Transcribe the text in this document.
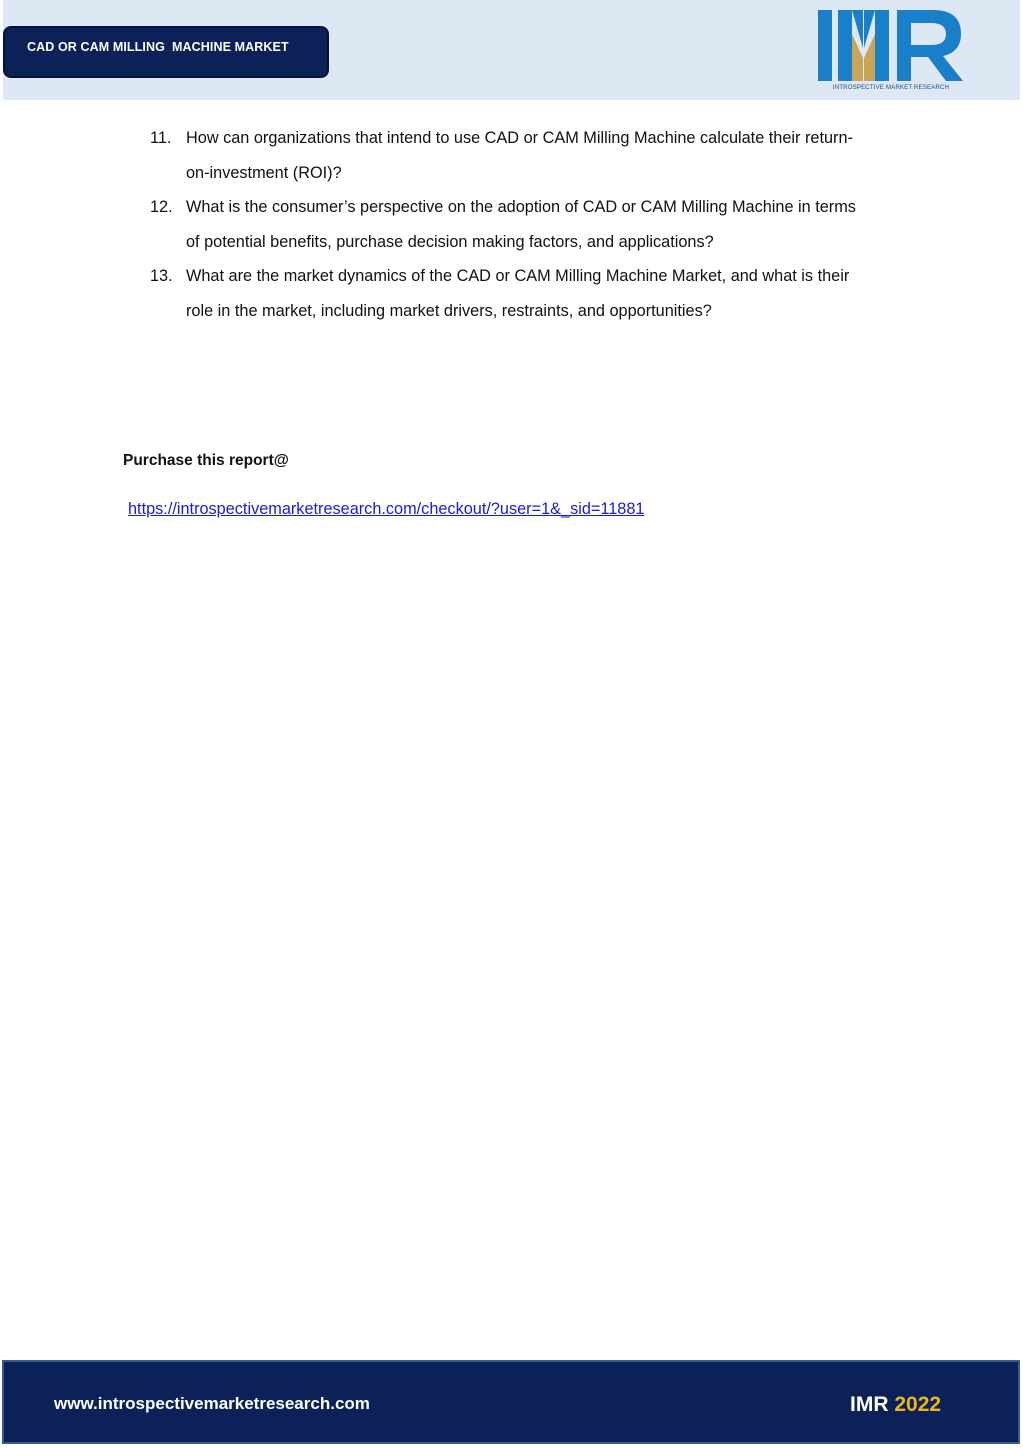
CAD OR CAM MILLING  MACHINE MARKET
INTROSPECTIVE MARKET RESEARCH
11. How can organizations that intend to use CAD or CAM Milling Machine calculate their return-
on-investment (ROI)?
12. What is the consumer’s perspective on the adoption of CAD or CAM Milling Machine in terms
of potential benefits, purchase decision making factors, and applications?
13. What are the market dynamics of the CAD or CAM Milling Machine Market, and what is their
role in the market, including market drivers, restraints, and opportunities?
Purchase this report@
https://introspectivemarketresearch.com/checkout/?user=1&_sid=11881
www.introspectivemarketresearch.com	IMR 2022
